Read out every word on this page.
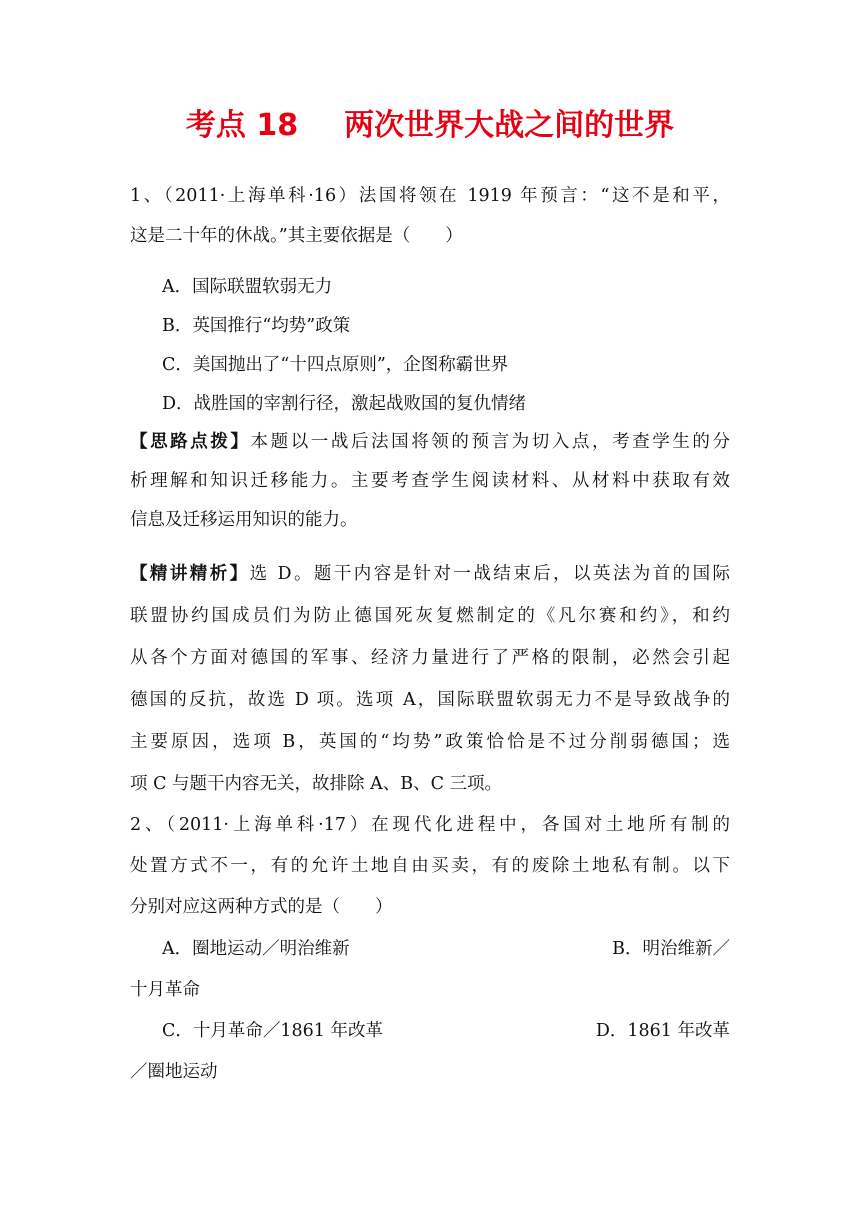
考点 18 两次世界大战之间的世界
1、（2011·上海单科·16）法国将领在 1919 年预言：“这不是和平，
这是二十年的休战。”其主要依据是（　　）
A．国际联盟软弱无力
B．英国推行“均势”政策
C．美国抛出了“十四点原则”，企图称霸世界
D．战胜国的宰割行径，激起战败国的复仇情绪
【思路点拨】本题以一战后法国将领的预言为切入点，考查学生的分
析理解和知识迁移能力。主要考查学生阅读材料、从材料中获取有效
信息及迁移运用知识的能力。
【精讲精析】选 D。题干内容是针对一战结束后，以英法为首的国际
联盟协约国成员们为防止德国死灰复燃制定的《凡尔赛和约》，和约
从各个方面对德国的军事、经济力量进行了严格的限制，必然会引起
德国的反抗，故选 D 项。选项 A，国际联盟软弱无力不是导致战争的
主要原因，选项 B，英国的“均势”政策恰恰是不过分削弱德国；选
项 C 与题干内容无关，故排除 A、B、C 三项。
2、（2011·上海单科·17）在现代化进程中，各国对土地所有制的
处置方式不一，有的允许土地自由买卖，有的废除土地私有制。以下
分别对应这两种方式的是（　　）
A．圈地运动／明治维新	B．明治维新／
十月革命
C．十月革命／1861 年改革	D．1861 年改革
／圈地运动
